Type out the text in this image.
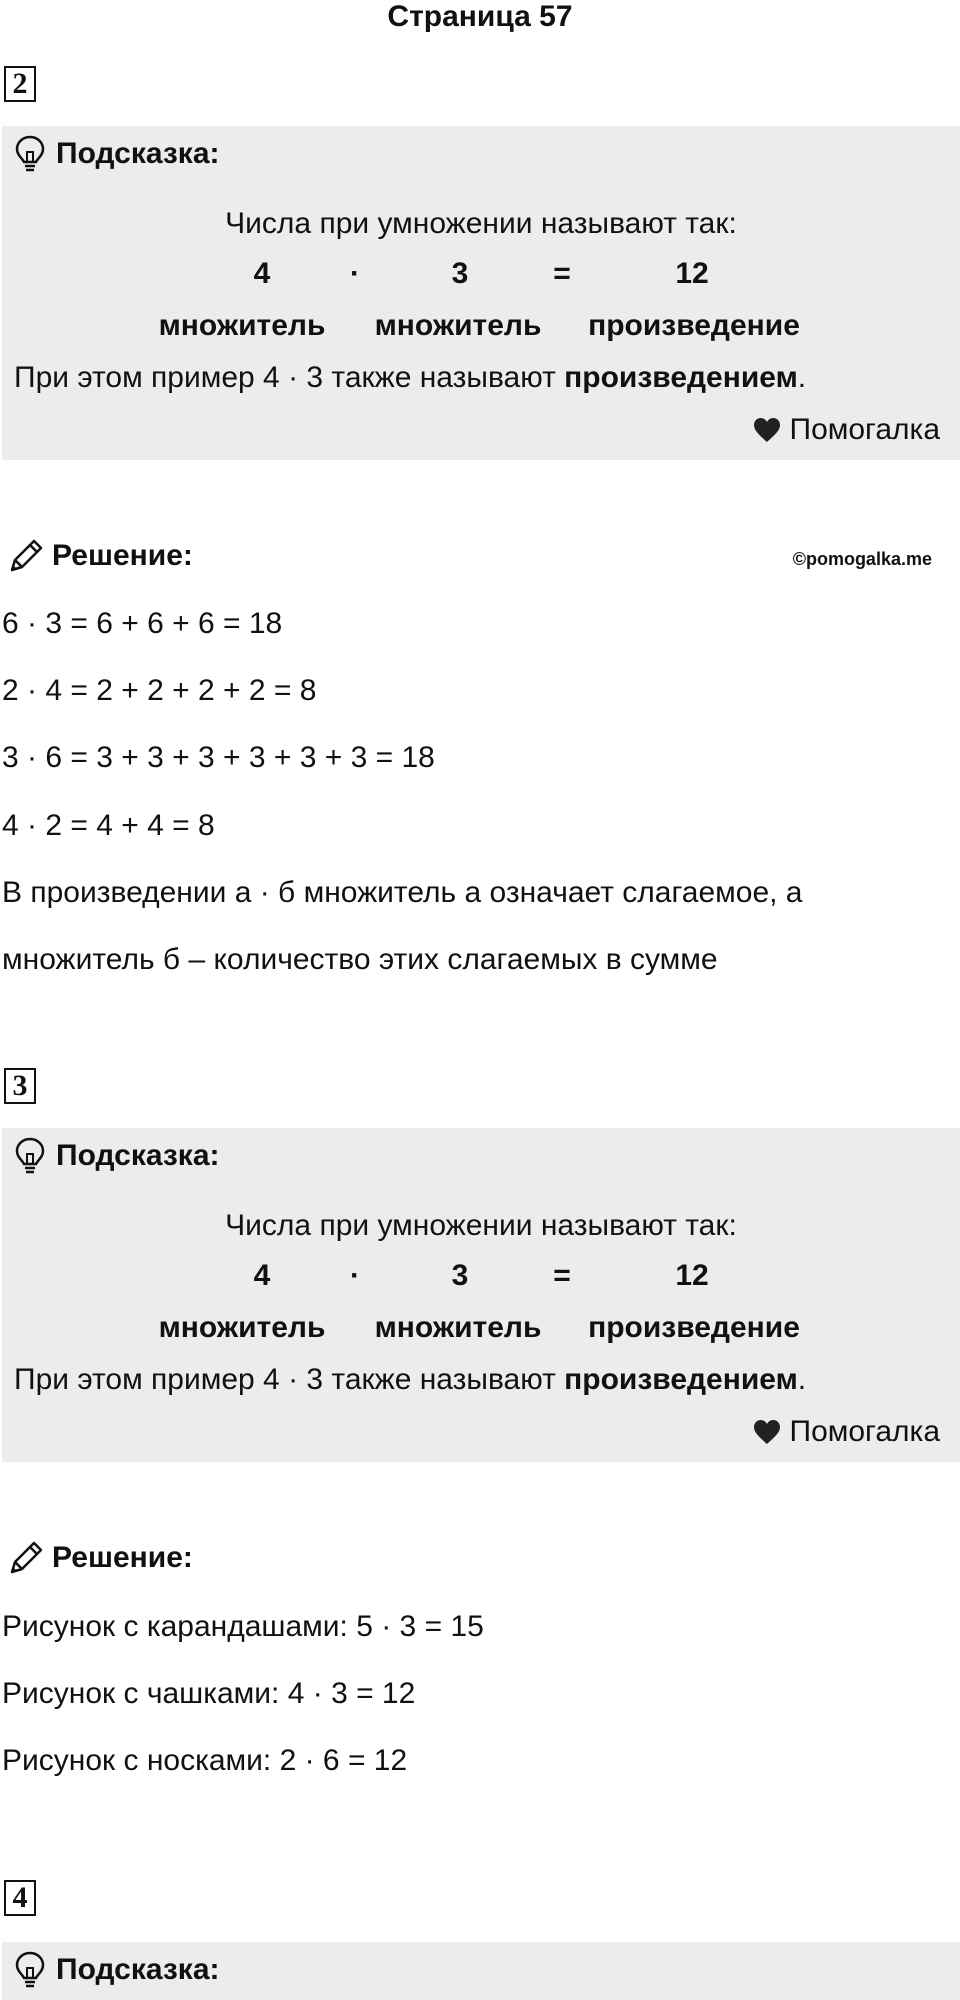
Страница 57
2
Подсказка:
Числа при умножении называют так:
4	·	3	=	12
множитель	множитель	произведение
При этом пример 4 · 3 также называют произведением.
Помогалка
Решение:	©pomogalka.me
6 · 3 = 6 + 6 + 6 = 18
2 · 4 = 2 + 2 + 2 + 2 = 8
3 · 6 = 3 + 3 + 3 + 3 + 3 + 3 = 18
4 · 2 = 4 + 4 = 8
В произведении а · б множитель а означает слагаемое, а
множитель б – количество этих слагаемых в сумме
3
Подсказка:
Числа при умножении называют так:
4	·	3	=	12
множитель	множитель	произведение
При этом пример 4 · 3 также называют произведением.
Помогалка
Решение:
Рисунок с карандашами: 5 · 3 = 15
Рисунок с чашками: 4 · 3 = 12
Рисунок с носками: 2 · 6 = 12
4
Подсказка:
